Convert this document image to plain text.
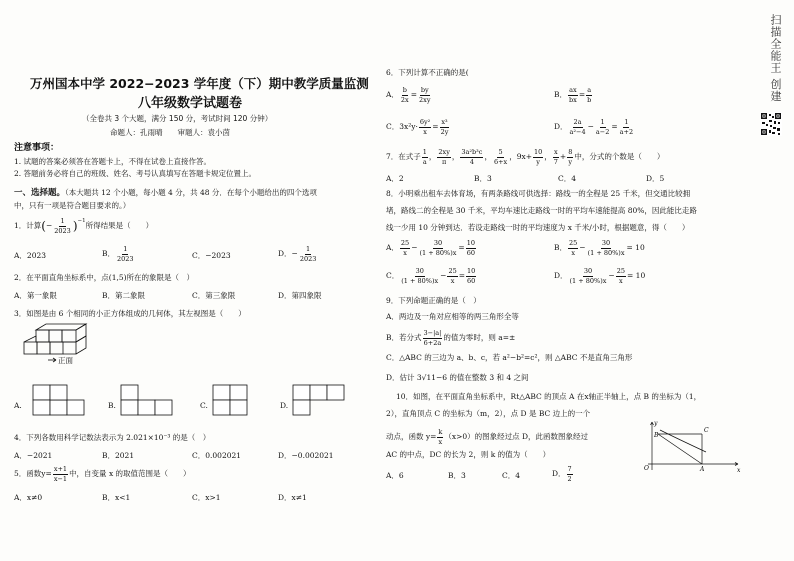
万州国本中学 2022−2023 学年度（下）期中教学质量监测
八年级数学试题卷
（全卷共 3 个大题，满分 150 分，考试时间 120 分钟）
命题人：孔雨晴　　审题人：袁小茵
注意事项：
1. 试题的答案必须答在答题卡上，不得在试卷上直接作答。
2. 答题前务必将自己的班级、姓名、考号认真填写在答题卡规定位置上。
一、选择题。（本大题共 12 个小题，每小题 4 分，共 48 分．在每个小题给出的四个选项
中，只有一项是符合题目要求的。）
1．计算 ( − $\frac{1}{2023} )^{-1}$
所得结果是（　　）
A．2023	B． $\frac{1}{2023}$	C．−2023	D．− $\frac{1}{2023}$
2．在平面直角坐标系中，点(1,5)所在的象限是（　）
A．第一象限	B．第二象限	C．第三象限	D．第四象限
3．如图是由 6 个相同的小正方体组成的几何体，其左视图是（　　）
正面
A.	B.	C.	D.
4．下列各数用科学记数法表示为 2.021×10⁻³ 的是（　）
A．−2021	B．2021	C．0.002021	D．−0.002021
5．函数 $y= \frac{x+1}{x-1}$ 中，自变量 x 的取值范围是（　　）
A．x≠0	B．x<1	C．x>1	D．x≠1
6．下列计算不正确的是(
A． $\frac{b}{2x} = \frac{by}{2xy}$	B． $\frac{ax}{bx} = \frac{a}{b}$
C．$3x^2y\cdot \frac{\text{6y²}}{x} = \frac{\text{x³}}{2y}$	D． $\frac{2a}{\text{a²−4}} - \frac{1}{a-2} = \frac{1}{a+2}$
7．在式子 $\frac{1}{a}$ ， $\frac{2xy}{\pi}$ ， $\frac{\text{3a²b³c}}{4}$ ， $\frac{5}{6+x}$ ， $9x+ \frac{10}{y}$ ， $\frac{x}{7} + \frac{8}{y}$ 中，分式的个数是（　　）
A．2	B．3	C．4	D．5
8．小明乘出租车去体育场，有两条路线可供选择：路线一的全程是 25 千米，但交通比较拥
堵，路线二的全程是 30 千米，平均车速比走路线一时的平均车速能提高 80%，因此能比走路
线一少用 10 分钟到达．若设走路线一时的平均速度为 x 千米/小时，根据题意，得（　　）
A． $\frac{25}{x} - \frac{30}{(1 + 80\%)x} = \frac{10}{60}$	B． $\frac{25}{x} - \frac{30}{(1 + 80\%)x} = 10$
C． $\frac{30}{(1 + 80\%)x} - \frac{25}{x} = \frac{10}{60}$	D． $\frac{30}{(1 + 80\%)x} - \frac{25}{x} = 10$
9．下列命题正确的是（　）
A．两边及一角对应相等的两三角形全等
B．若分式 $\frac{3-|a|}{6+2a}$ 的值为零时，则 a=±
C．△ABC 的三边为 a、b、c，若 a²−b²=c²，则 △ABC 不是直角三角形
D．估计 3√11−6 的值在整数 3 和 4 之间
10．如图，在平面直角坐标系中，Rt△ABC 的顶点 A 在x轴正半轴上，点 B 的坐标为（1，
2），直角顶点 C 的坐标为（m，2），点 D 是 BC 边上的一个
动点，函数 $y= \frac{k}{x} (x>0)$的图象经过点 D，此函数图象经过
AC 的中点，DC 的长为 2，则 k 的值为（　　）
A．6	B．3	C．4	D． $\frac{7}{2}$
B
C
O	A	x
y
扫描全能王 创建
